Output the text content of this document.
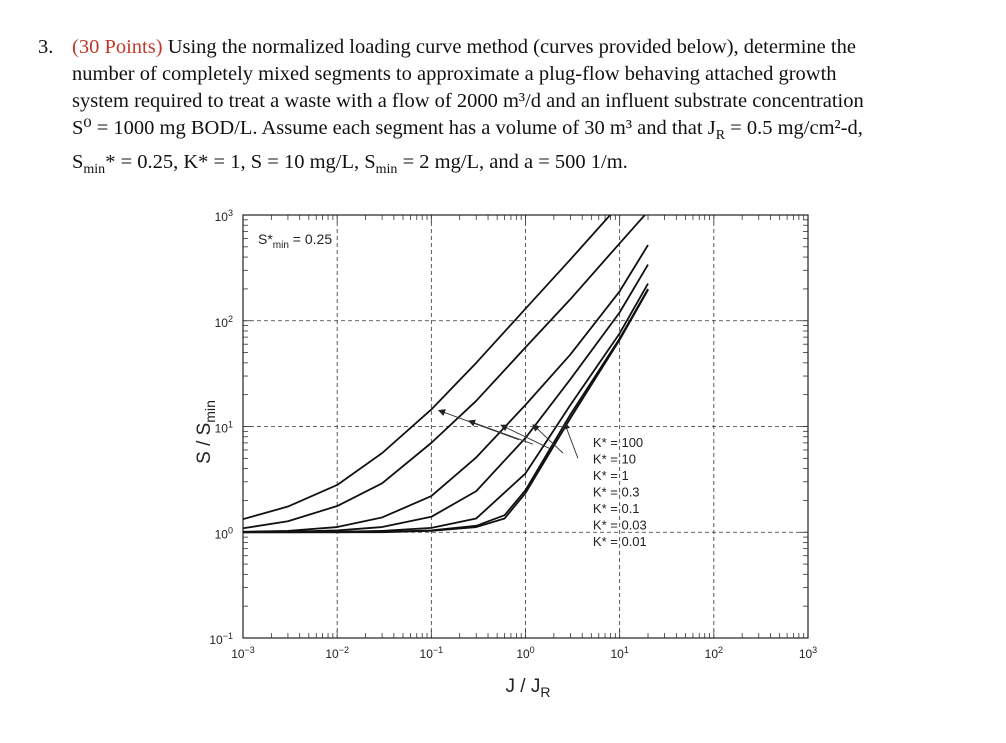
3. (30 Points) Using the normalized loading curve method (curves provided below), determine the
number of completely mixed segments to approximate a plug-flow behaving attached growth
system required to treat a waste with a flow of 2000 m³/d and an influent substrate concentration
S⁰ = 1000 mg BOD/L. Assume each segment has a volume of 30 m³ and that $J_R = 0.5$ mg/cm²-d,
$S_{min}* = 0.25$, K* = 1, S = 10 mg/L, $S_{min} = 2$ mg/L, and a = 500 1/m.
$10^{-3}$	$10^{-2}$	$10^{-1}$	$10^0$	$10^1$	$10^2$	$10^3$
$10^{-1}$
$10^0$
$10^1$
$10^2$
$10^3$
K* = 100
K* = 10
K* = 1
K* = 0.3
K* = 0.1
K* = 0.03
K* = 0.01
$S*_{min} = 0.25$
J / $J_R$
S / $S_{min}$
